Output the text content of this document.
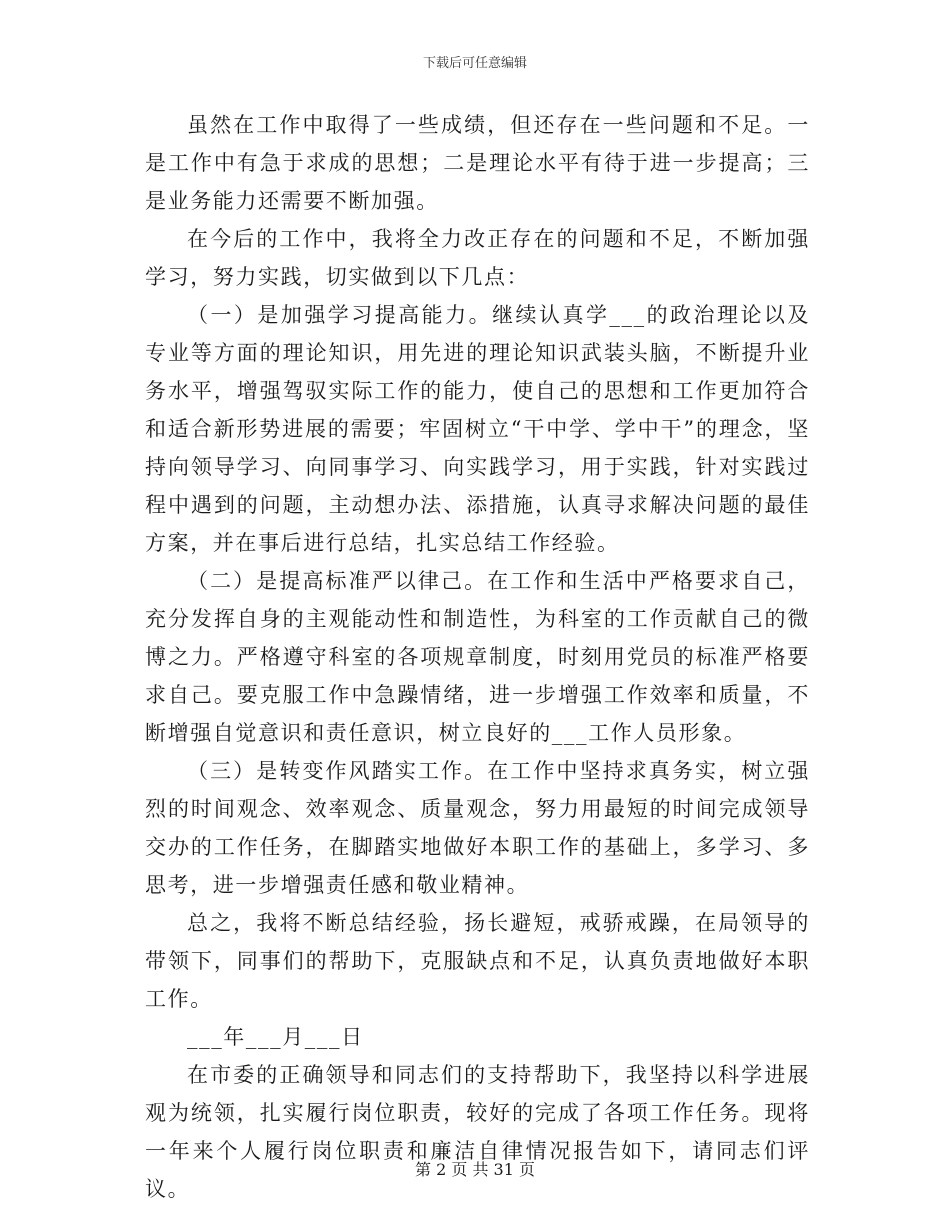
下载后可任意编辑

虽然在工作中取得了一些成绩，但还存在一些问题和不足。一是工作中有急于求成的思想；二是理论水平有待于进一步提高；三是业务能力还需要不断加强。

在今后的工作中，我将全力改正存在的问题和不足，不断加强学习，努力实践，切实做到以下几点：

（一）是加强学习提高能力。继续认真学___的政治理论以及专业等方面的理论知识，用先进的理论知识武装头脑，不断提升业务水平，增强驾驭实际工作的能力，使自己的思想和工作更加符合和适合新形势进展的需要；牢固树立“干中学、学中干”的理念，坚持向领导学习、向同事学习、向实践学习，用于实践，针对实践过程中遇到的问题，主动想办法、添措施，认真寻求解决问题的最佳方案，并在事后进行总结，扎实总结工作经验。

（二）是提高标准严以律己。在工作和生活中严格要求自己，充分发挥自身的主观能动性和制造性，为科室的工作贡献自己的微博之力。严格遵守科室的各项规章制度，时刻用党员的标准严格要求自己。要克服工作中急躁情绪，进一步增强工作效率和质量，不断增强自觉意识和责任意识，树立良好的___工作人员形象。

（三）是转变作风踏实工作。在工作中坚持求真务实，树立强烈的时间观念、效率观念、质量观念，努力用最短的时间完成领导交办的工作任务，在脚踏实地做好本职工作的基础上，多学习、多思考，进一步增强责任感和敬业精神。

总之，我将不断总结经验，扬长避短，戒骄戒躁，在局领导的带领下，同事们的帮助下，克服缺点和不足，认真负责地做好本职工作。

___年___月___日

在市委的正确领导和同志们的支持帮助下，我坚持以科学进展观为统领，扎实履行岗位职责，较好的完成了各项工作任务。现将一年来个人履行岗位职责和廉洁自律情况报告如下，请同志们评议。

第 2 页 共 31 页
